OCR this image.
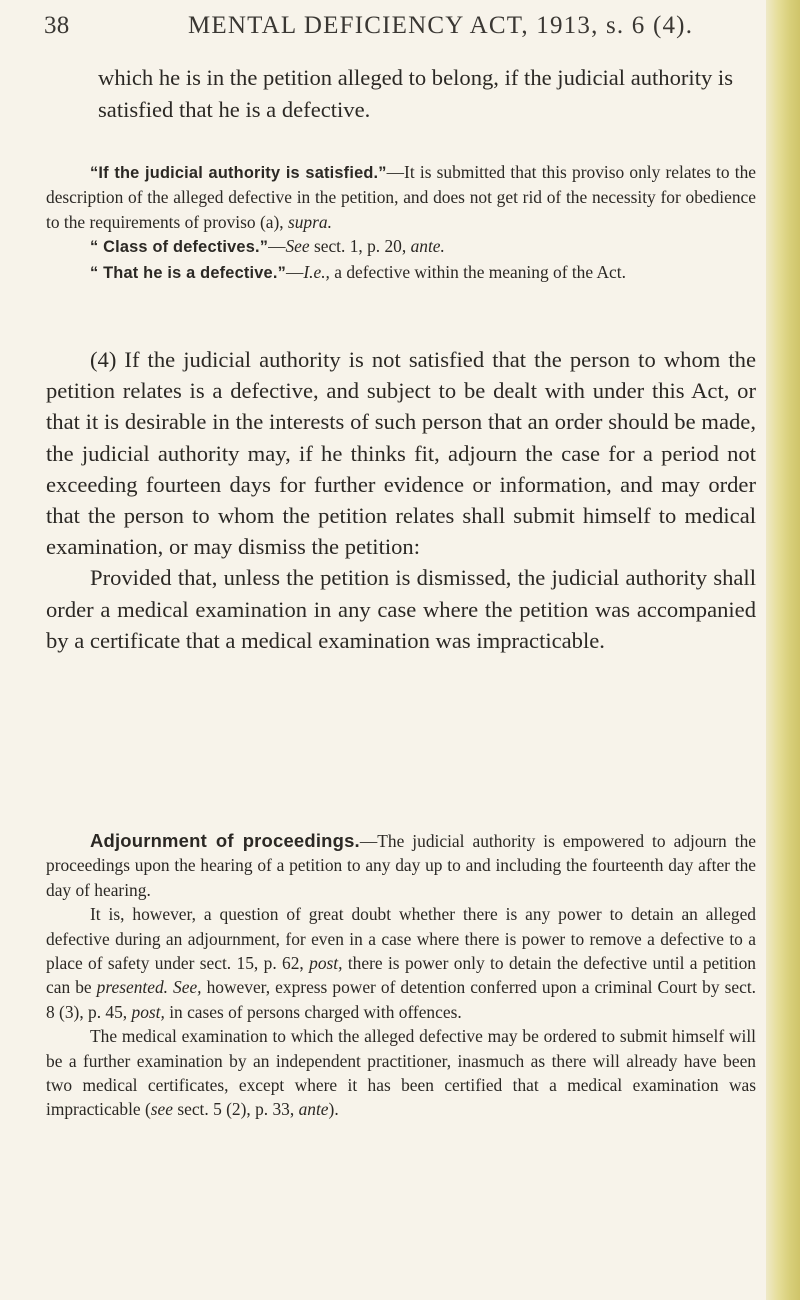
38	MENTAL DEFICIENCY ACT, 1913, s. 6 (4).

which he is in the petition alleged to belong, if the judicial authority is satisfied that he is a defective.

“If the judicial authority is satisfied.”—It is submitted that this proviso only relates to the description of the alleged defective in the petition, and does not get rid of the necessity for obedience to the requirements of proviso (a), supra.

“ Class of defectives.”—See sect. 1, p. 20, ante.

“ That he is a defective.”—I.e., a defective within the meaning of the Act.

(4) If the judicial authority is not satisfied that the person to whom the petition relates is a defective, and subject to be dealt with under this Act, or that it is desirable in the interests of such person that an order should be made, the judicial authority may, if he thinks fit, adjourn the case for a period not exceeding fourteen days for further evidence or information, and may order that the person to whom the petition relates shall submit himself to medical examination, or may dismiss the petition:

Provided that, unless the petition is dismissed, the judicial authority shall order a medical examination in any case where the petition was accompanied by a certificate that a medical examination was impracticable.

Adjournment of proceedings.—The judicial authority is empowered to adjourn the proceedings upon the hearing of a petition to any day up to and including the fourteenth day after the day of hearing.

It is, however, a question of great doubt whether there is any power to detain an alleged defective during an adjournment, for even in a case where there is power to remove a defective to a place of safety under sect. 15, p. 62, post, there is power only to detain the defective until a petition can be presented. See, however, express power of detention conferred upon a criminal Court by sect. 8 (3), p. 45, post, in cases of persons charged with offences.

The medical examination to which the alleged defective may be ordered to submit himself will be a further examination by an independent practitioner, inasmuch as there will already have been two medical certificates, except where it has been certified that a medical examination was impracticable (see sect. 5 (2), p. 33, ante).
